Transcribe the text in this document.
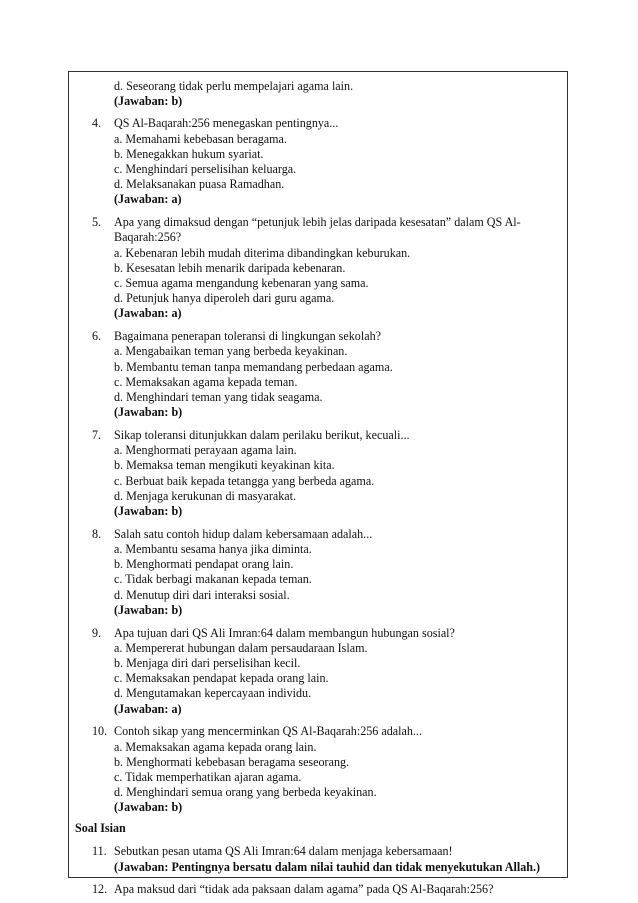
d. Seseorang tidak perlu mempelajari agama lain.
(Jawaban: b)
4. QS Al-Baqarah:256 menegaskan pentingnya...
a. Memahami kebebasan beragama.
b. Menegakkan hukum syariat.
c. Menghindari perselisihan keluarga.
d. Melaksanakan puasa Ramadhan.
(Jawaban: a)
5. Apa yang dimaksud dengan “petunjuk lebih jelas daripada kesesatan” dalam QS Al-
Baqarah:256?
a. Kebenaran lebih mudah diterima dibandingkan keburukan.
b. Kesesatan lebih menarik daripada kebenaran.
c. Semua agama mengandung kebenaran yang sama.
d. Petunjuk hanya diperoleh dari guru agama.
(Jawaban: a)
6. Bagaimana penerapan toleransi di lingkungan sekolah?
a. Mengabaikan teman yang berbeda keyakinan.
b. Membantu teman tanpa memandang perbedaan agama.
c. Memaksakan agama kepada teman.
d. Menghindari teman yang tidak seagama.
(Jawaban: b)
7. Sikap toleransi ditunjukkan dalam perilaku berikut, kecuali...
a. Menghormati perayaan agama lain.
b. Memaksa teman mengikuti keyakinan kita.
c. Berbuat baik kepada tetangga yang berbeda agama.
d. Menjaga kerukunan di masyarakat.
(Jawaban: b)
8. Salah satu contoh hidup dalam kebersamaan adalah...
a. Membantu sesama hanya jika diminta.
b. Menghormati pendapat orang lain.
c. Tidak berbagi makanan kepada teman.
d. Menutup diri dari interaksi sosial.
(Jawaban: b)
9. Apa tujuan dari QS Ali Imran:64 dalam membangun hubungan sosial?
a. Mempererat hubungan dalam persaudaraan Islam.
b. Menjaga diri dari perselisihan kecil.
c. Memaksakan pendapat kepada orang lain.
d. Mengutamakan kepercayaan individu.
(Jawaban: a)
10. Contoh sikap yang mencerminkan QS Al-Baqarah:256 adalah...
a. Memaksakan agama kepada orang lain.
b. Menghormati kebebasan beragama seseorang.
c. Tidak memperhatikan ajaran agama.
d. Menghindari semua orang yang berbeda keyakinan.
(Jawaban: b)
Soal Isian
11. Sebutkan pesan utama QS Ali Imran:64 dalam menjaga kebersamaan!
(Jawaban: Pentingnya bersatu dalam nilai tauhid dan tidak menyekutukan Allah.)
12. Apa maksud dari “tidak ada paksaan dalam agama” pada QS Al-Baqarah:256?
